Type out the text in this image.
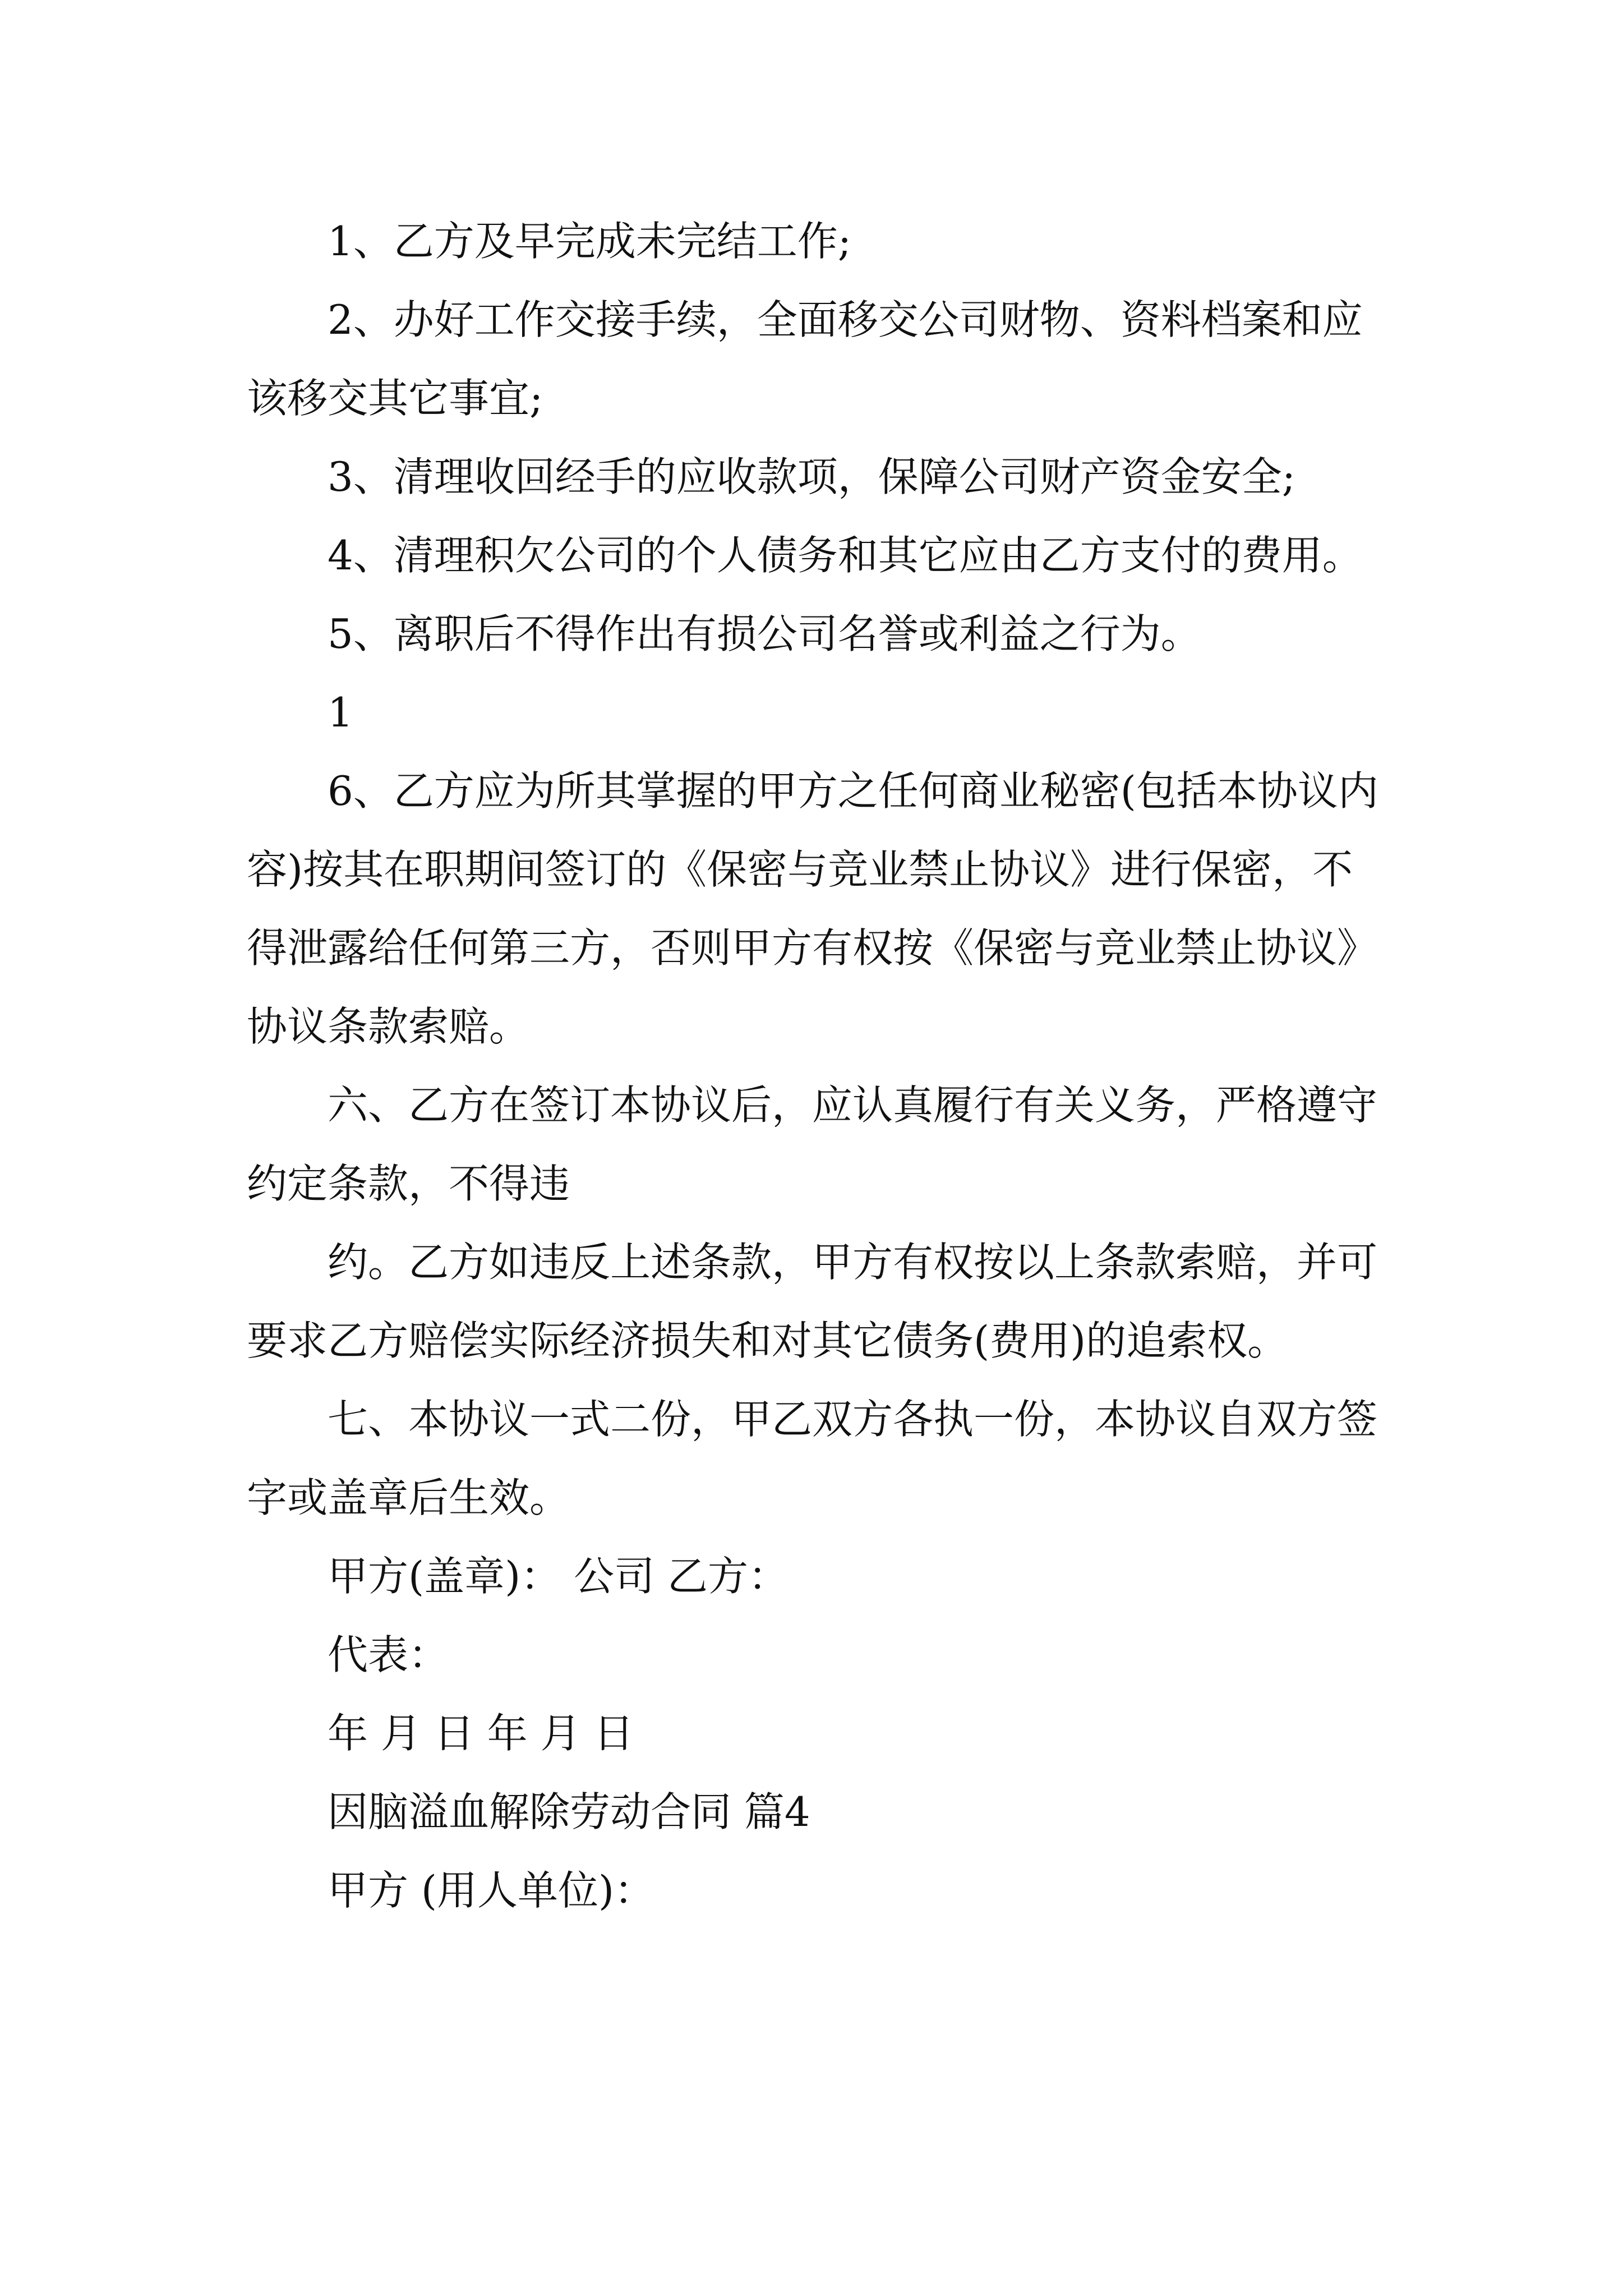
1、乙方及早完成未完结工作;

2、办好工作交接手续，全面移交公司财物、资料档案和应该移交其它事宜;

3、清理收回经手的应收款项，保障公司财产资金安全;

4、清理积欠公司的个人债务和其它应由乙方支付的费用。

5、离职后不得作出有损公司名誉或利益之行为。

1

6、乙方应为所其掌握的甲方之任何商业秘密(包括本协议内容)按其在职期间签订的《保密与竞业禁止协议》进行保密，不得泄露给任何第三方，否则甲方有权按《保密与竞业禁止协议》协议条款索赔。

六、乙方在签订本协议后，应认真履行有关义务，严格遵守约定条款，不得违

约。乙方如违反上述条款，甲方有权按以上条款索赔，并可要求乙方赔偿实际经济损失和对其它债务(费用)的追索权。

七、本协议一式二份，甲乙双方各执一份，本协议自双方签字或盖章后生效。

甲方(盖章)： 公司 乙方：

代表：

年 月 日 年 月 日

因脑溢血解除劳动合同 篇4

甲方 (用人单位)：
